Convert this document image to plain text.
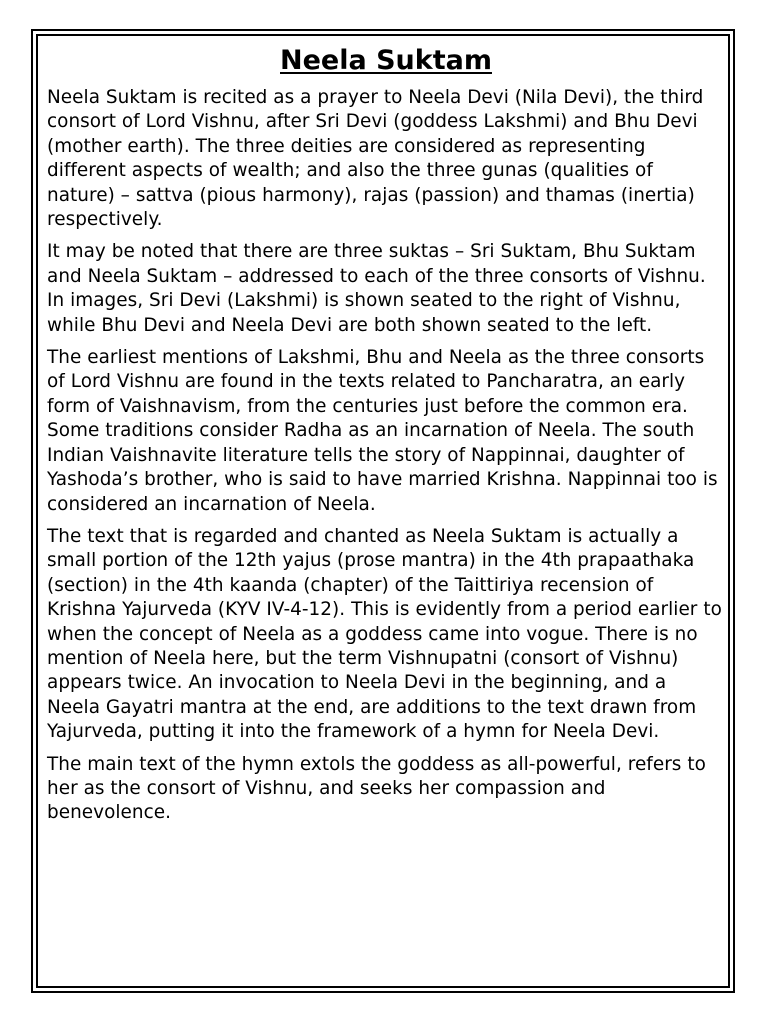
Neela Suktam

Neela Suktam is recited as a prayer to Neela Devi (Nila Devi), the third consort of Lord Vishnu, after Sri Devi (goddess Lakshmi) and Bhu Devi (mother earth). The three deities are considered as representing different aspects of wealth; and also the three gunas (qualities of nature) – sattva (pious harmony), rajas (passion) and thamas (inertia) respectively.

It may be noted that there are three suktas – Sri Suktam, Bhu Suktam and Neela Suktam – addressed to each of the three consorts of Vishnu. In images, Sri Devi (Lakshmi) is shown seated to the right of Vishnu, while Bhu Devi and Neela Devi are both shown seated to the left.

The earliest mentions of Lakshmi, Bhu and Neela as the three consorts of Lord Vishnu are found in the texts related to Pancharatra, an early form of Vaishnavism, from the centuries just before the common era. Some traditions consider Radha as an incarnation of Neela. The south Indian Vaishnavite literature tells the story of Nappinnai, daughter of Yashoda’s brother, who is said to have married Krishna. Nappinnai too is considered an incarnation of Neela.

The text that is regarded and chanted as Neela Suktam is actually a small portion of the 12th yajus (prose mantra) in the 4th prapaathaka (section) in the 4th kaanda (chapter) of the Taittiriya recension of Krishna Yajurveda (KYV IV-4-12). This is evidently from a period earlier to when the concept of Neela as a goddess came into vogue. There is no mention of Neela here, but the term Vishnupatni (consort of Vishnu) appears twice. An invocation to Neela Devi in the beginning, and a Neela Gayatri mantra at the end, are additions to the text drawn from Yajurveda, putting it into the framework of a hymn for Neela Devi.

The main text of the hymn extols the goddess as all-powerful, refers to her as the consort of Vishnu, and seeks her compassion and benevolence.
